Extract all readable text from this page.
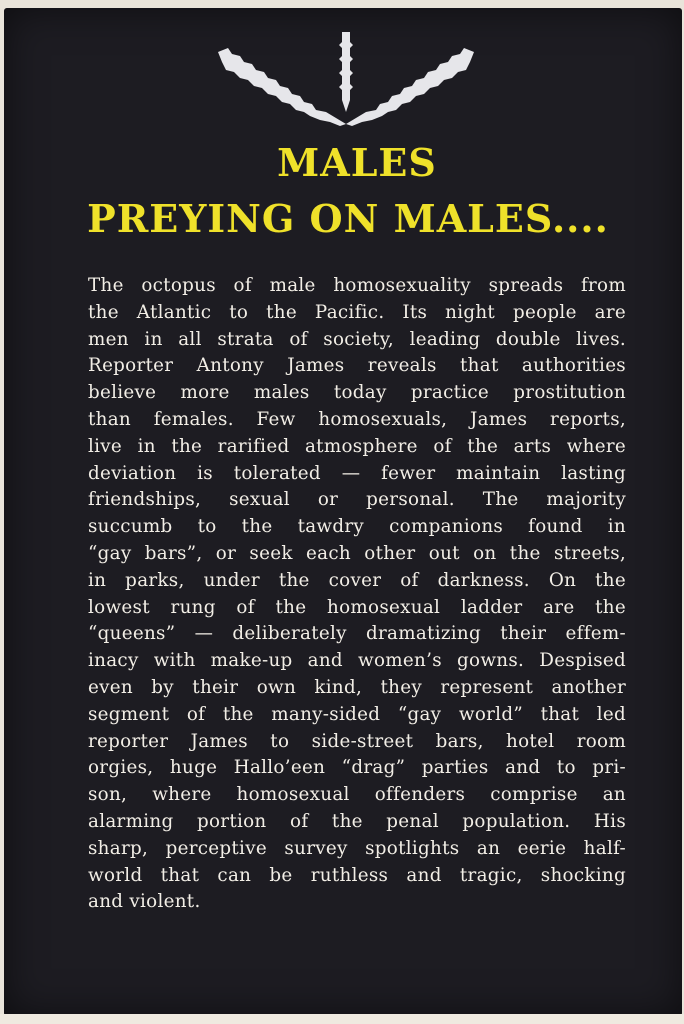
MALES
PREYING ON MALES....

The octopus of male homosexuality spreads from
the Atlantic to the Pacific. Its night people are
men in all strata of society, leading double lives.
Reporter Antony James reveals that authorities
believe more males today practice prostitution
than females. Few homosexuals, James reports,
live in the rarified atmosphere of the arts where
deviation is tolerated — fewer maintain lasting
friendships, sexual or personal. The majority
succumb to the tawdry companions found in
“gay bars”, or seek each other out on the streets,
in parks, under the cover of darkness. On the
lowest rung of the homosexual ladder are the
“queens” — deliberately dramatizing their effem-
inacy with make-up and women’s gowns. Despised
even by their own kind, they represent another
segment of the many-sided “gay world” that led
reporter James to side-street bars, hotel room
orgies, huge Hallo’een “drag” parties and to pri-
son, where homosexual offenders comprise an
alarming portion of the penal population. His
sharp, perceptive survey spotlights an eerie half-
world that can be ruthless and tragic, shocking
and violent.
